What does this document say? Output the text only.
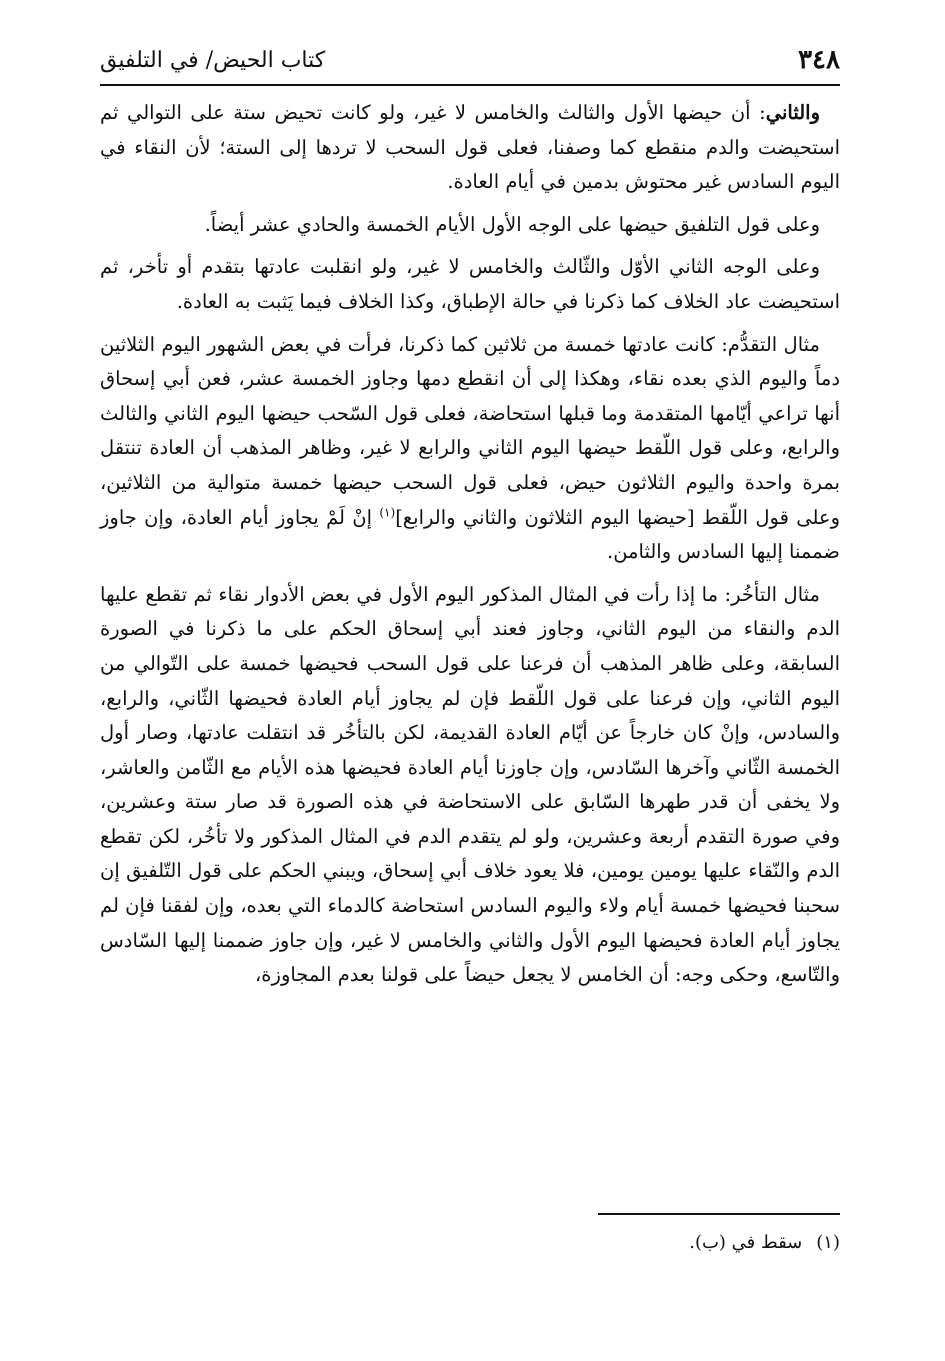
٣٤٨
كتاب الحيض/ في التلفيق

والثاني: أن حيضها الأول والثالث والخامس لا غير، ولو كانت تحيض ستة على التوالي ثم استحيضت والدم منقطع كما وصفنا، فعلى قول السحب لا تردها إلى الستة؛ لأن النقاء في اليوم السادس غير محتوش بدمين في أيام العادة.

وعلى قول التلفيق حيضها على الوجه الأول الأيام الخمسة والحادي عشر أيضاً.

وعلى الوجه الثاني الأوّل والثّالث والخامس لا غير، ولو انقلبت عادتها بتقدم أو تأخر، ثم استحيضت عاد الخلاف كما ذكرنا في حالة الإطباق، وكذا الخلاف فيما يَثبت به العادة.

مثال التقدُّم: كانت عادتها خمسة من ثلاثين كما ذكرنا، فرأت في بعض الشهور اليوم الثلاثين دماً واليوم الذي بعده نقاء، وهكذا إلى أن انقطع دمها وجاوز الخمسة عشر، فعن أبي إسحاق أنها تراعي أيّامها المتقدمة وما قبلها استحاضة، فعلى قول السّحب حيضها اليوم الثاني والثالث والرابع، وعلى قول اللّقط حيضها اليوم الثاني والرابع لا غير، وظاهر المذهب أن العادة تنتقل بمرة واحدة واليوم الثلاثون حيض، فعلى قول السحب حيضها خمسة متوالية من الثلاثين، وعلى قول اللّقط [حيضها اليوم الثلاثون والثاني والرابع]$^{(١)}$ إنْ لَمْ يجاوز أيام العادة، وإن جاوز ضممنا إليها السادس والثامن.

مثال التأخُر: ما إذا رأت في المثال المذكور اليوم الأول في بعض الأدوار نقاء ثم تقطع عليها الدم والنقاء من اليوم الثاني، وجاوز فعند أبي إسحاق الحكم على ما ذكرنا في الصورة السابقة، وعلى ظاهر المذهب أن فرعنا على قول السحب فحيضها خمسة على التّوالي من اليوم الثاني، وإن فرعنا على قول اللّقط فإن لم يجاوز أيام العادة فحيضها الثّاني، والرابع، والسادس، وإنْ كان خارجاً عن أيّام العادة القديمة، لكن بالتأخُر قد انتقلت عادتها، وصار أول الخمسة الثّاني وآخرها السّادس، وإن جاوزنا أيام العادة فحيضها هذه الأيام مع الثّامن والعاشر، ولا يخفى أن قدر طهرها السّابق على الاستحاضة في هذه الصورة قد صار ستة وعشرين، وفي صورة التقدم أربعة وعشرين، ولو لم يتقدم الدم في المثال المذكور ولا تأخُر، لكن تقطع الدم والنّقاء عليها يومين يومين، فلا يعود خلاف أبي إسحاق، ويبني الحكم على قول التّلفيق إن سحبنا فحيضها خمسة أيام ولاء واليوم السادس استحاضة كالدماء التي بعده، وإن لفقنا فإن لم يجاوز أيام العادة فحيضها اليوم الأول والثاني والخامس لا غير، وإن جاوز ضممنا إليها السّادس والتّاسع، وحكى وجه: أن الخامس لا يجعل حيضاً على قولنا بعدم المجاوزة،

(١)سقط في (ب).
